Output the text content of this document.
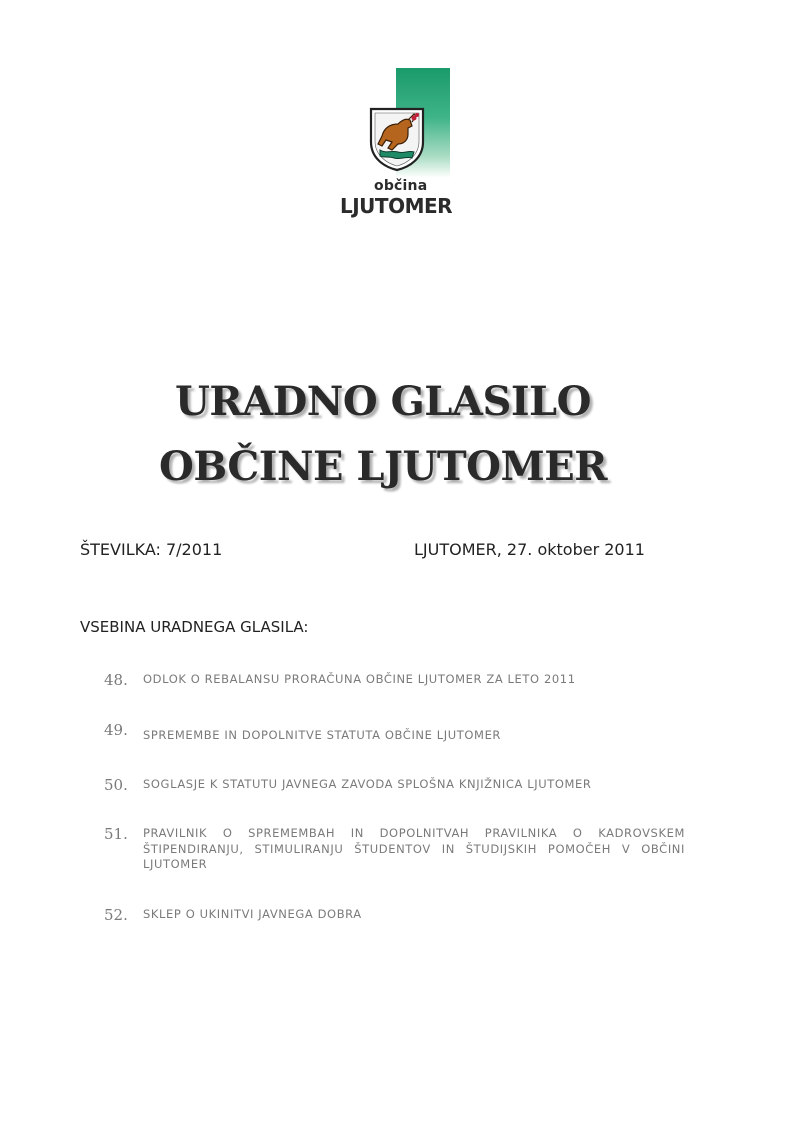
občina
LJUTOMER
URADNO GLASILO
OBČINE LJUTOMER
ŠTEVILKA: 7/2011	LJUTOMER, 27. oktober 2011
VSEBINA URADNEGA GLASILA:
48. ODLOK O REBALANSU PRORAČUNA OBČINE LJUTOMER ZA LETO 2011
49. SPREMEMBE IN DOPOLNITVE STATUTA OBČINE LJUTOMER
50. SOGLASJE K STATUTU JAVNEGA ZAVODA SPLOŠNA KNJIŽNICA LJUTOMER
51. PRAVILNIK O SPREMEMBAH IN DOPOLNITVAH PRAVILNIKA O KADROVSKEM ŠTIPENDIRANJU, STIMULIRANJU ŠTUDENTOV IN ŠTUDIJSKIH POMOČEH V OBČINI LJUTOMER
52. SKLEP O UKINITVI JAVNEGA DOBRA
